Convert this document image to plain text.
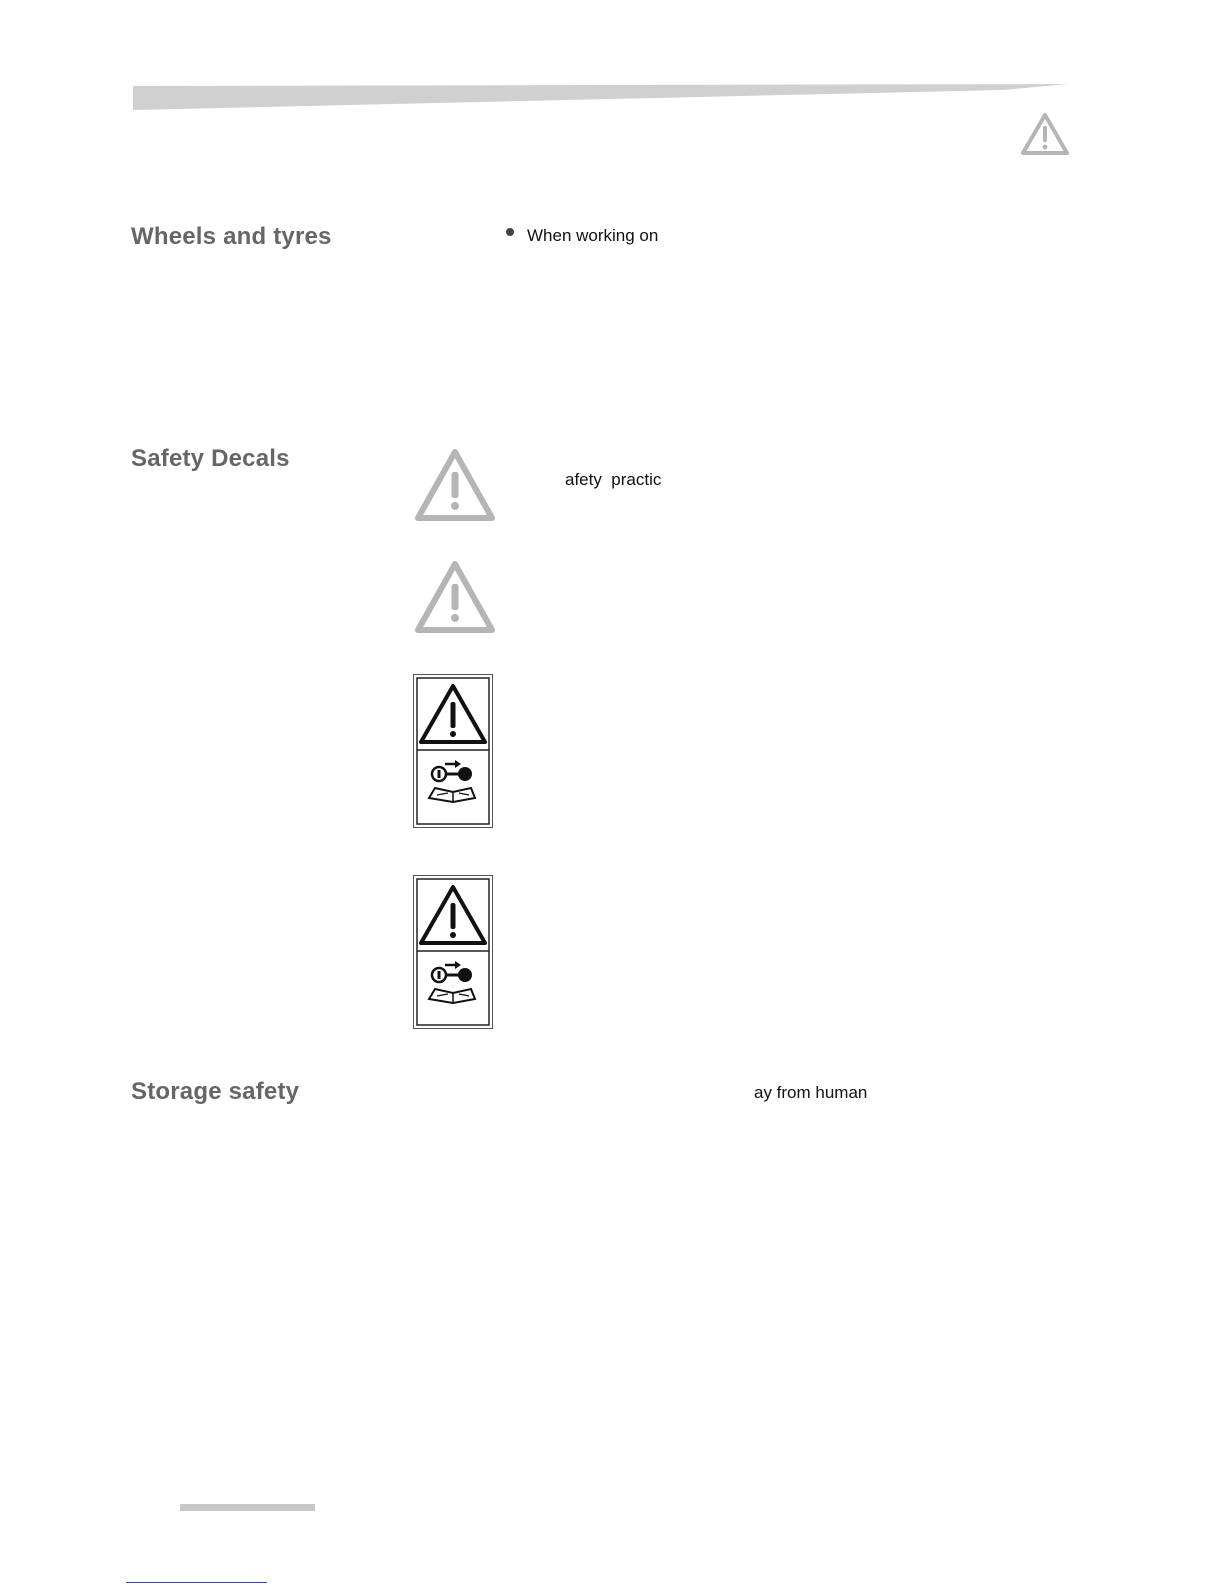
Wheels and tyres	When working on
Safety Decals
afety  practic
Storage safety	ay from human
